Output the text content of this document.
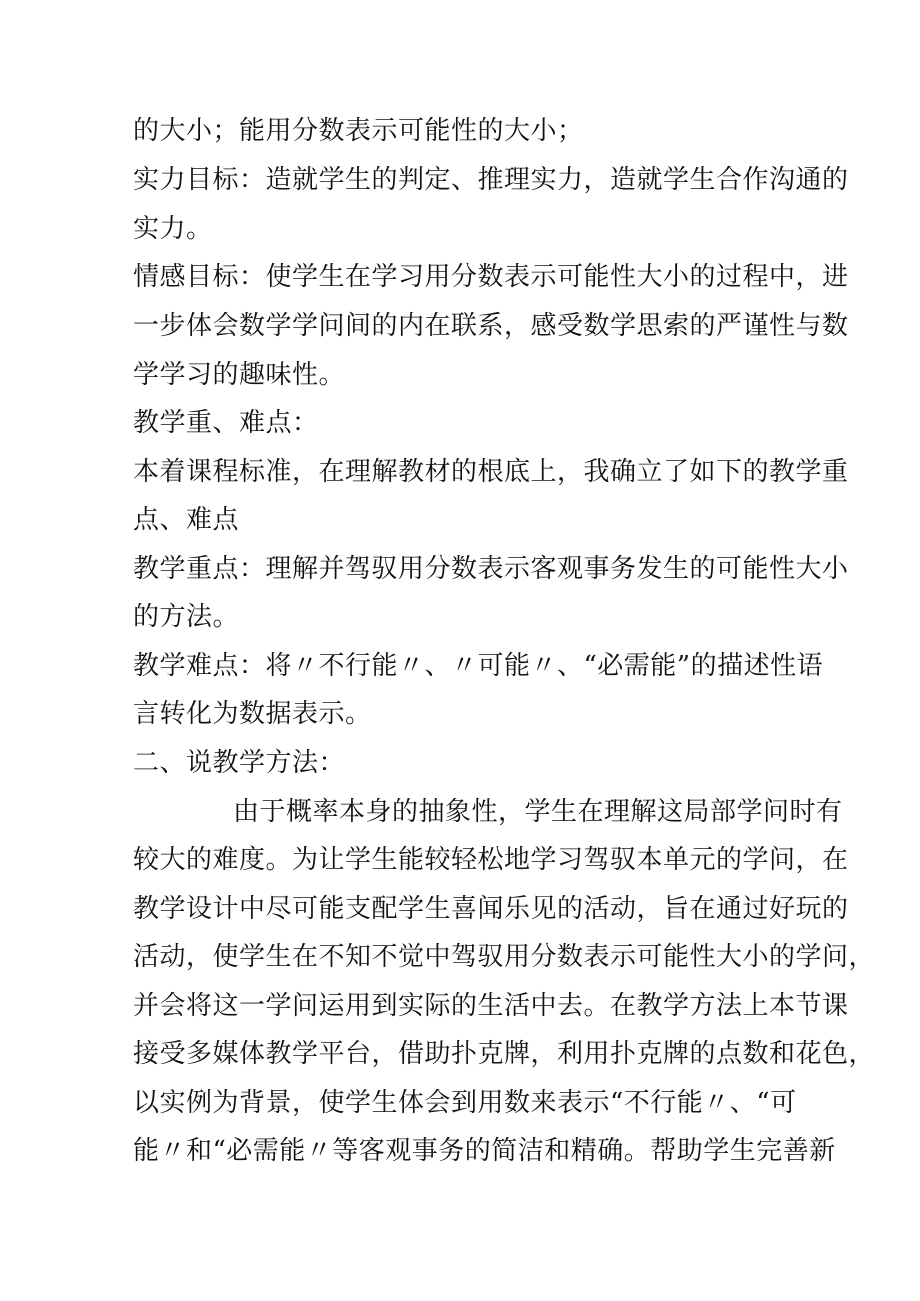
的大小；能用分数表示可能性的大小；
实力目标：造就学生的判定、推理实力，造就学生合作沟通的
实力。
情感目标：使学生在学习用分数表示可能性大小的过程中，进
一步体会数学学问间的内在联系，感受数学思索的严谨性与数
学学习的趣味性。
教学重、难点：
本着课程标准，在理解教材的根底上，我确立了如下的教学重
点、难点
教学重点：理解并驾驭用分数表示客观事务发生的可能性大小
的方法。
教学难点：将〃不行能〃、〃可能〃、“必需能”的描述性语
言转化为数据表示。
二、说教学方法：
由于概率本身的抽象性，学生在理解这局部学问时有
较大的难度。为让学生能较轻松地学习驾驭本单元的学问，在
教学设计中尽可能支配学生喜闻乐见的活动，旨在通过好玩的
活动，使学生在不知不觉中驾驭用分数表示可能性大小的学问，
并会将这一学问运用到实际的生活中去。在教学方法上本节课
接受多媒体教学平台，借助扑克牌，利用扑克牌的点数和花色，
以实例为背景，使学生体会到用数来表示“不行能〃、“可
能〃和“必需能〃等客观事务的简洁和精确。帮助学生完善新
